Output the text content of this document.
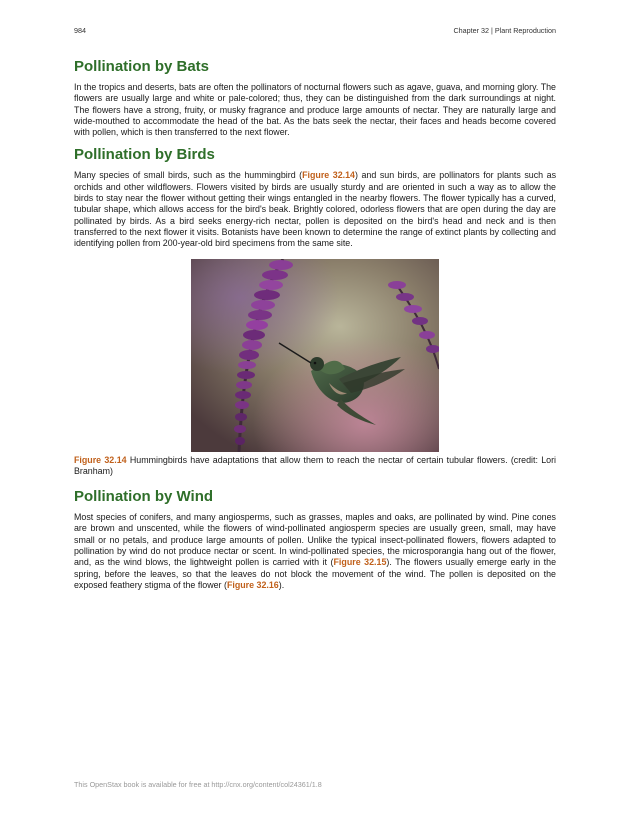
984	Chapter 32 | Plant Reproduction
Pollination by Bats

In the tropics and deserts, bats are often the pollinators of nocturnal flowers such as agave, guava, and morning glory. The flowers are usually large and white or pale-colored; thus, they can be distinguished from the dark surroundings at night. The flowers have a strong, fruity, or musky fragrance and produce large amounts of nectar. They are naturally large and wide-mouthed to accommodate the head of the bat. As the bats seek the nectar, their faces and heads become covered with pollen, which is then transferred to the next flower.

Pollination by Birds

Many species of small birds, such as the hummingbird (Figure 32.14) and sun birds, are pollinators for plants such as orchids and other wildflowers. Flowers visited by birds are usually sturdy and are oriented in such a way as to allow the birds to stay near the flower without getting their wings entangled in the nearby flowers. The flower typically has a curved, tubular shape, which allows access for the bird's beak. Brightly colored, odorless flowers that are open during the day are pollinated by birds. As a bird seeks energy-rich nectar, pollen is deposited on the bird's head and neck and is then transferred to the next flower it visits. Botanists have been known to determine the range of extinct plants by collecting and identifying pollen from 200-year-old bird specimens from the same site.

Figure 32.14 Hummingbirds have adaptations that allow them to reach the nectar of certain tubular flowers. (credit: Lori Branham)
Pollination by Wind

Most species of conifers, and many angiosperms, such as grasses, maples and oaks, are pollinated by wind. Pine cones are brown and unscented, while the flowers of wind-pollinated angiosperm species are usually green, small, may have small or no petals, and produce large amounts of pollen. Unlike the typical insect-pollinated flowers, flowers adapted to pollination by wind do not produce nectar or scent. In wind-pollinated species, the microsporangia hang out of the flower, and, as the wind blows, the lightweight pollen is carried with it (Figure 32.15). The flowers usually emerge early in the spring, before the leaves, so that the leaves do not block the movement of the wind. The pollen is deposited on the exposed feathery stigma of the flower (Figure 32.16).

This OpenStax book is available for free at http://cnx.org/content/col24361/1.8
